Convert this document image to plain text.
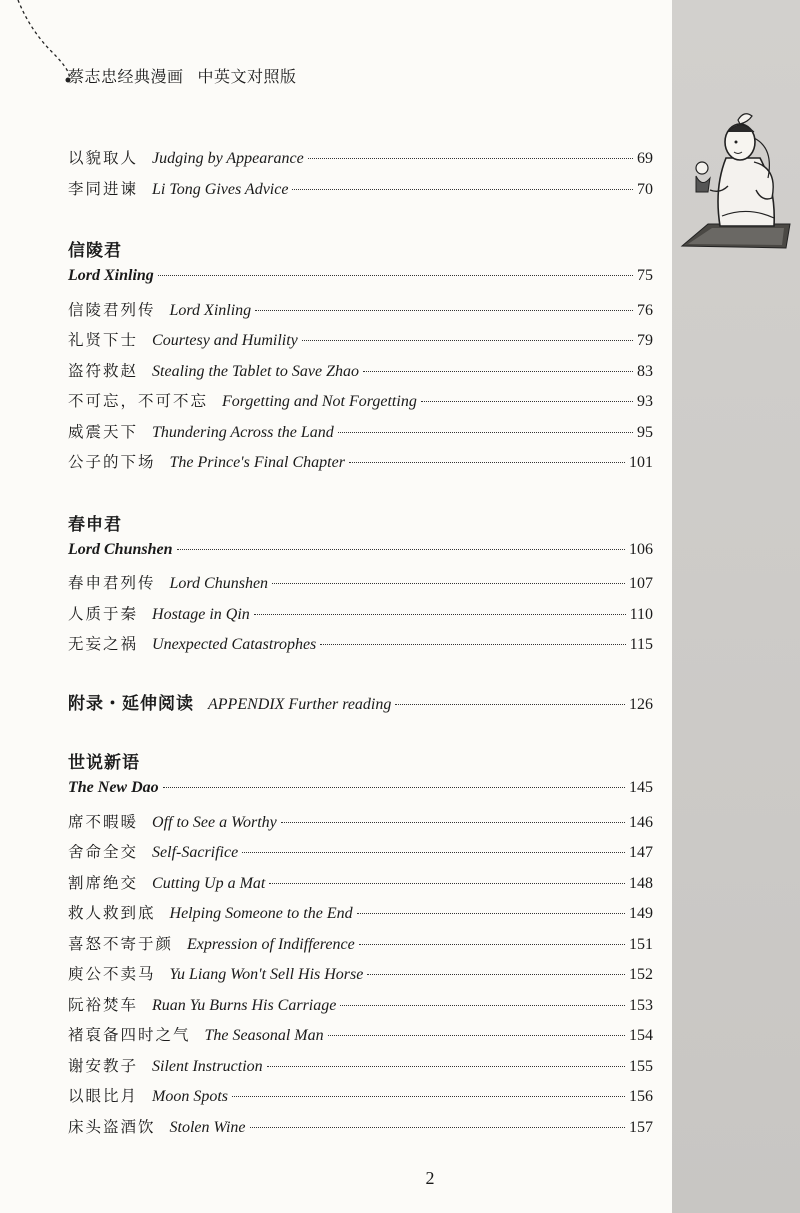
蔡志忠经典漫画 中英文对照版
以貌取人 Judging by Appearance	69
李同进谏 Li Tong Gives Advice	70
信陵君
Lord Xinling	75
信陵君列传 Lord Xinling	76
礼贤下士 Courtesy and Humility	79
盗符救赵 Stealing the Tablet to Save Zhao	83
不可忘，不可不忘 Forgetting and Not Forgetting	93
威震天下 Thundering Across the Land	95
公子的下场 The Prince's Final Chapter	101
春申君
Lord Chunshen	106
春申君列传 Lord Chunshen	107
人质于秦 Hostage in Qin	110
无妄之祸 Unexpected Catastrophes	115
附录・延伸阅读 APPENDIX Further reading	126
世说新语
The New Dao	145
席不暇暖 Off to See a Worthy	146
舍命全交 Self-Sacrifice	147
割席绝交 Cutting Up a Mat	148
救人救到底 Helping Someone to the End	149
喜怒不寄于颜 Expression of Indifference	151
庾公不卖马 Yu Liang Won't Sell His Horse	152
阮裕焚车 Ruan Yu Burns His Carriage	153
褚裒备四时之气 The Seasonal Man	154
谢安教子 Silent Instruction	155
以眼比月 Moon Spots	156
床头盗酒饮 Stolen Wine	157
2
